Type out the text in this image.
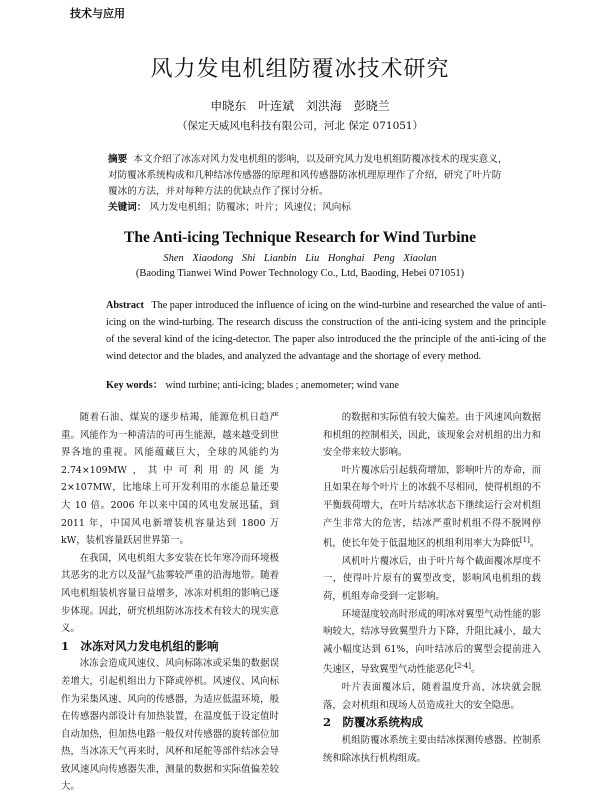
技术与应用
风力发电机组防覆冰技术研究
申晓东 叶连斌 刘洪海 彭晓兰
（保定天威风电科技有限公司，河北 保定 071051）
摘要 本文介绍了冰冻对风力发电机组的影响，以及研究风力发电机组防覆冰技术的现实意义，对防覆冰系统构成和几种结冰传感器的原理和风传感器防冰机理原理作了介绍，研究了叶片防覆冰的方法，并对每种方法的优缺点作了探讨分析。
关键词： 风力发电机组；防覆冰；叶片；风速仪；风向标
The Anti-icing Technique Research for Wind Turbine
Shen Xiaodong Shi Lianbin Liu Honghai Peng Xiaolan
(Baoding Tianwei Wind Power Technology Co., Ltd, Baoding, Hebei 071051)
Abstract The paper introduced the influence of icing on the wind-turbine and researched the value of anti-icing on the wind-turbing. The research discuss the construction of the anti-icing system and the principle of the several kind of the icing-detector. The paper also introduced the the principle of the anti-icing of the wind detector and the blades, and analyzed the advantage and the shortage of every method.
Key words： wind turbine; anti-icing; blades ; anemometer; wind vane

随着石油、煤炭的逐步枯竭，能源危机日趋严重。风能作为一种清洁的可再生能源，越来越受到世界各地的重视。风能蕴藏巨大，全球的风能约为 2.74×109MW，其中可利用的风能为 2×107MW，比地球上可开发利用的水能总量还要大 10 倍。2006 年以来中国的风电发展迅猛，到 2011 年，中国风电新增装机容量达到 1800 万 kW，装机容量跃居世界第一。

在我国，风电机组大多安装在长年寒冷而环境极其恶劣的北方以及湿气盐雾较严重的沿海地带。随着风电机组装机容量日益增多，冰冻对机组的影响已逐步体现。因此，研究机组防冰冻技术有较大的现实意义。

1　冰冻对风力发电机组的影响

冰冻会造成风速仪、风向标陈冰或采集的数据误差增大，引起机组出力下降或停机。风速仪、风向标作为采集风速、风向的传感器，为适应低温环境，般在传感器内部设计有加热装置，在温度低于设定值时自动加热，但加热电路一般仅对传感器的旋转部位加热，当冰冻天气再来时，风杯和尾舵等部件结冰会导致风速风向传感器失准，测量的数据和实际值偏差较大。

的数据和实际值有较大偏差。由于风速风向数据和机组的控制相关，因此，该现象会对机组的出力和安全带来较大影响。

叶片覆冰后引起载荷增加，影响叶片的寿命，而且如果在每个叶片上的冰载不尽相同，使得机组的不平衡载荷增大，在叶片结冰状态下继续运行会对机组产生非常大的危害，结冰严重时机组不得不脱网停机，使长年处于低温地区的机组利用率大为降低[1]。

风机叶片覆冰后，由于叶片每个截面覆冰厚度不一，使得叶片原有的翼型改变，影响风电机组的载荷，机组寿命受到一定影响。

环境湿度较高时形成的明冰对翼型气动性能的影响较大，结冰导致翼型升力下降，升阻比减小，最大减小幅度达到 61%，向叶结冰后的翼型会提前进入失速区，导致翼型气动性能恶化[2-4]。

叶片表面覆冰后，随着温度升高，冰块就会脱落，会对机组和现场人员造成社大的安全隐患。

2　防覆冰系统构成

机组防覆冰系统主要由结冰探测传感器、控制系统和除冰执行机构组成。
